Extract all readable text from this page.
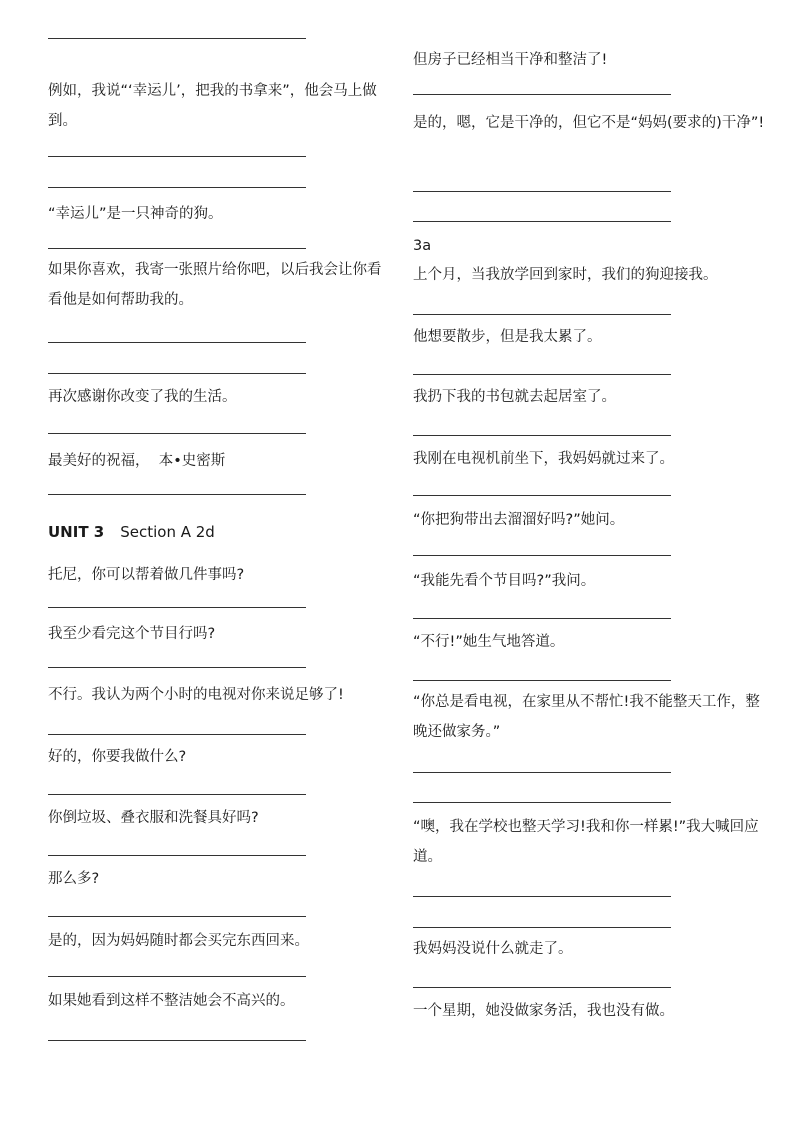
例如，我说“‘幸运儿’，把我的书拿来”，他会马上做到。
“幸运儿”是一只神奇的狗。
如果你喜欢，我寄一张照片给你吧，以后我会让你看看他是如何帮助我的。
再次感谢你改变了我的生活。
最美好的祝福，  本•史密斯
UNIT 3 Section A 2d
托尼，你可以帮着做几件事吗?
我至少看完这个节目行吗?
不行。我认为两个小时的电视对你来说足够了!
好的，你要我做什么?
你倒垃圾、叠衣服和洗餐具好吗?
那么多?
是的，因为妈妈随时都会买完东西回来。
如果她看到这样不整洁她会不高兴的。
但房子已经相当干净和整洁了!
是的，嗯，它是干净的，但它不是“妈妈(要求的)干净”!
3a
上个月，当我放学回到家时，我们的狗迎接我。
他想要散步，但是我太累了。
我扔下我的书包就去起居室了。
我刚在电视机前坐下，我妈妈就过来了。
“你把狗带出去溜溜好吗?”她问。
“我能先看个节目吗?”我问。
“不行!”她生气地答道。
“你总是看电视，在家里从不帮忙!我不能整天工作，整晚还做家务。”
“噢，我在学校也整天学习!我和你一样累!”我大喊回应道。
我妈妈没说什么就走了。
一个星期，她没做家务活，我也没有做。
